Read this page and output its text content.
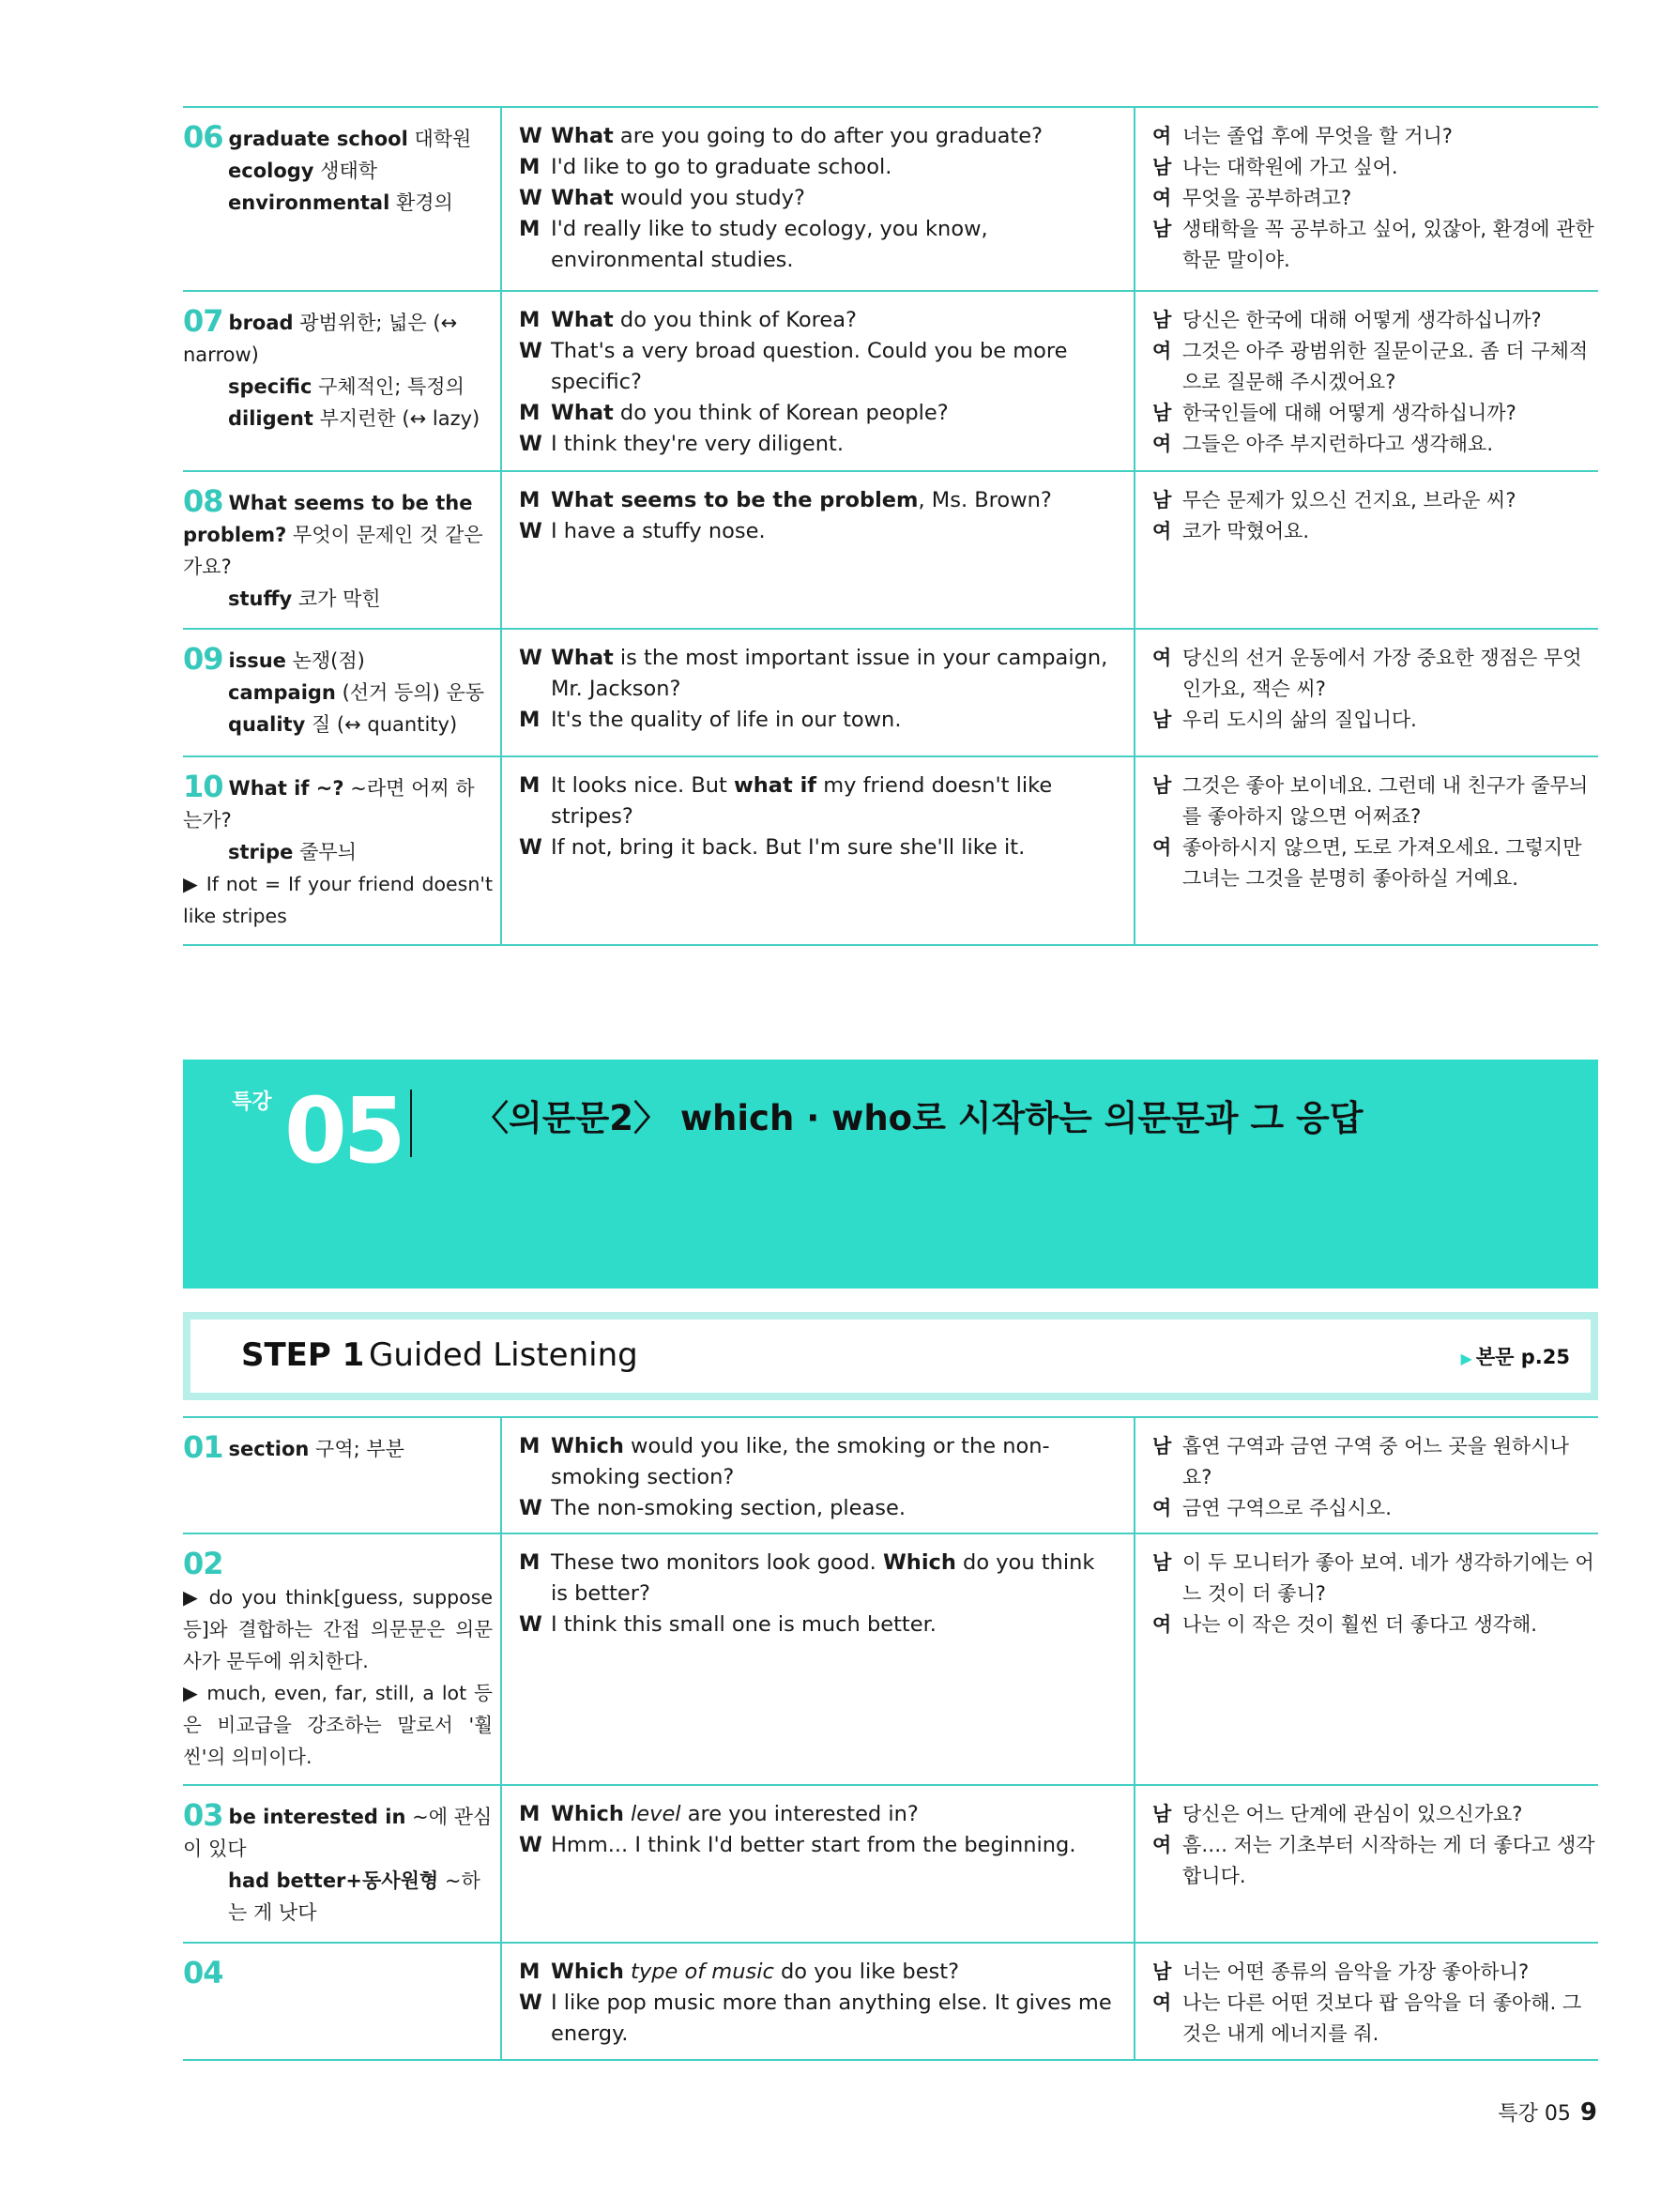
06 graduate school 대학원
ecology 생태학
environmental 환경의
W What are you going to do after you graduate?
M I'd like to go to graduate school.
W What would you study?
M I'd really like to study ecology, you know, environmental studies.
여 너는 졸업 후에 무엇을 할 거니?
남 나는 대학원에 가고 싶어.
여 무엇을 공부하려고?
남 생태학을 꼭 공부하고 싶어, 있잖아, 환경에 관한 학문 말이야.
07 broad 광범위한; 넓은 (↔ narrow)
specific 구체적인; 특정의
diligent 부지런한 (↔ lazy)
M What do you think of Korea?
W That's a very broad question. Could you be more specific?
M What do you think of Korean people?
W I think they're very diligent.
남 당신은 한국에 대해 어떻게 생각하십니까?
여 그것은 아주 광범위한 질문이군요. 좀 더 구체적으로 질문해 주시겠어요?
남 한국인들에 대해 어떻게 생각하십니까?
여 그들은 아주 부지런하다고 생각해요.
08 What seems to be the problem? 무엇이 문제인 것 같은가요?
stuffy 코가 막힌
M What seems to be the problem, Ms. Brown?
W I have a stuffy nose.
남 무슨 문제가 있으신 건지요, 브라운 씨?
여 코가 막혔어요.
09 issue 논쟁(점)
campaign (선거 등의) 운동
quality 질 (↔ quantity)
W What is the most important issue in your campaign, Mr. Jackson?
M It's the quality of life in our town.
여 당신의 선거 운동에서 가장 중요한 쟁점은 무엇인가요, 잭슨 씨?
남 우리 도시의 삶의 질입니다.
10 What if ~? ~라면 어찌 하는가?
stripe 줄무늬
▶ If not = If your friend doesn't like stripes
M It looks nice. But what if my friend doesn't like stripes?
W If not, bring it back. But I'm sure she'll like it.
남 그것은 좋아 보이네요. 그런데 내 친구가 줄무늬를 좋아하지 않으면 어쩌죠?
여 좋아하시지 않으면, 도로 가져오세요. 그렇지만 그녀는 그것을 분명히 좋아하실 거예요.
특강 05 〈의문문2〉 which · who로 시작하는 의문문과 그 응답
STEP 1 Guided Listening	▶ 본문 p.25
01 section 구역; 부분	M Which would you like, the smoking or the non-smoking section?
W The non-smoking section, please.
남 흡연 구역과 금연 구역 중 어느 곳을 원하시나요?
여 금연 구역으로 주십시오.
02
▶ do you think[guess, suppose 등]와 결합하는 간접 의문문은 의문사가 문두에 위치한다.
▶ much, even, far, still, a lot 등은 비교급을 강조하는 말로서 '훨씬'의 의미이다.
M These two monitors look good. Which do you think is better?
W I think this small one is much better.
남 이 두 모니터가 좋아 보여. 네가 생각하기에는 어느 것이 더 좋니?
여 나는 이 작은 것이 훨씬 더 좋다고 생각해.
03 be interested in ~에 관심이 있다
had better+동사원형 ~하는 게 낫다
M Which level are you interested in?
W Hmm... I think I'd better start from the beginning.
남 당신은 어느 단계에 관심이 있으신가요?
여 흠…. 저는 기초부터 시작하는 게 더 좋다고 생각합니다.
04	M Which type of music do you like best?
W I like pop music more than anything else. It gives me energy.
남 너는 어떤 종류의 음악을 가장 좋아하니?
여 나는 다른 어떤 것보다 팝 음악을 더 좋아해. 그것은 내게 에너지를 줘.
특강 05 9
